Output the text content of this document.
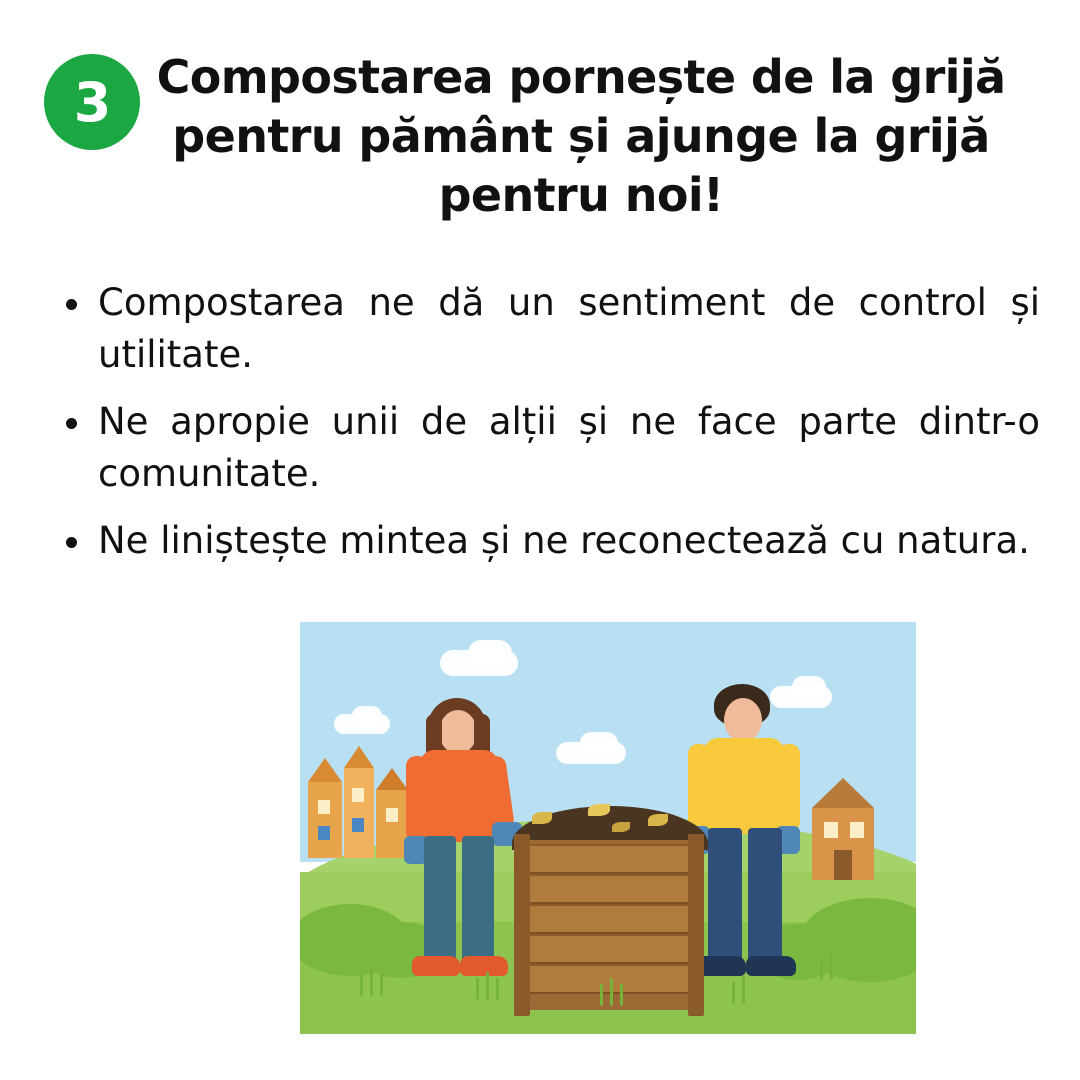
3	Compostarea pornește de la grijă pentru pământ și ajunge la grijă pentru noi!
Compostarea ne dă un sentiment de control și utilitate.
Ne apropie unii de alții și ne face parte dintr-o comunitate.
Ne liniștește mintea și ne reconectează cu natura.
